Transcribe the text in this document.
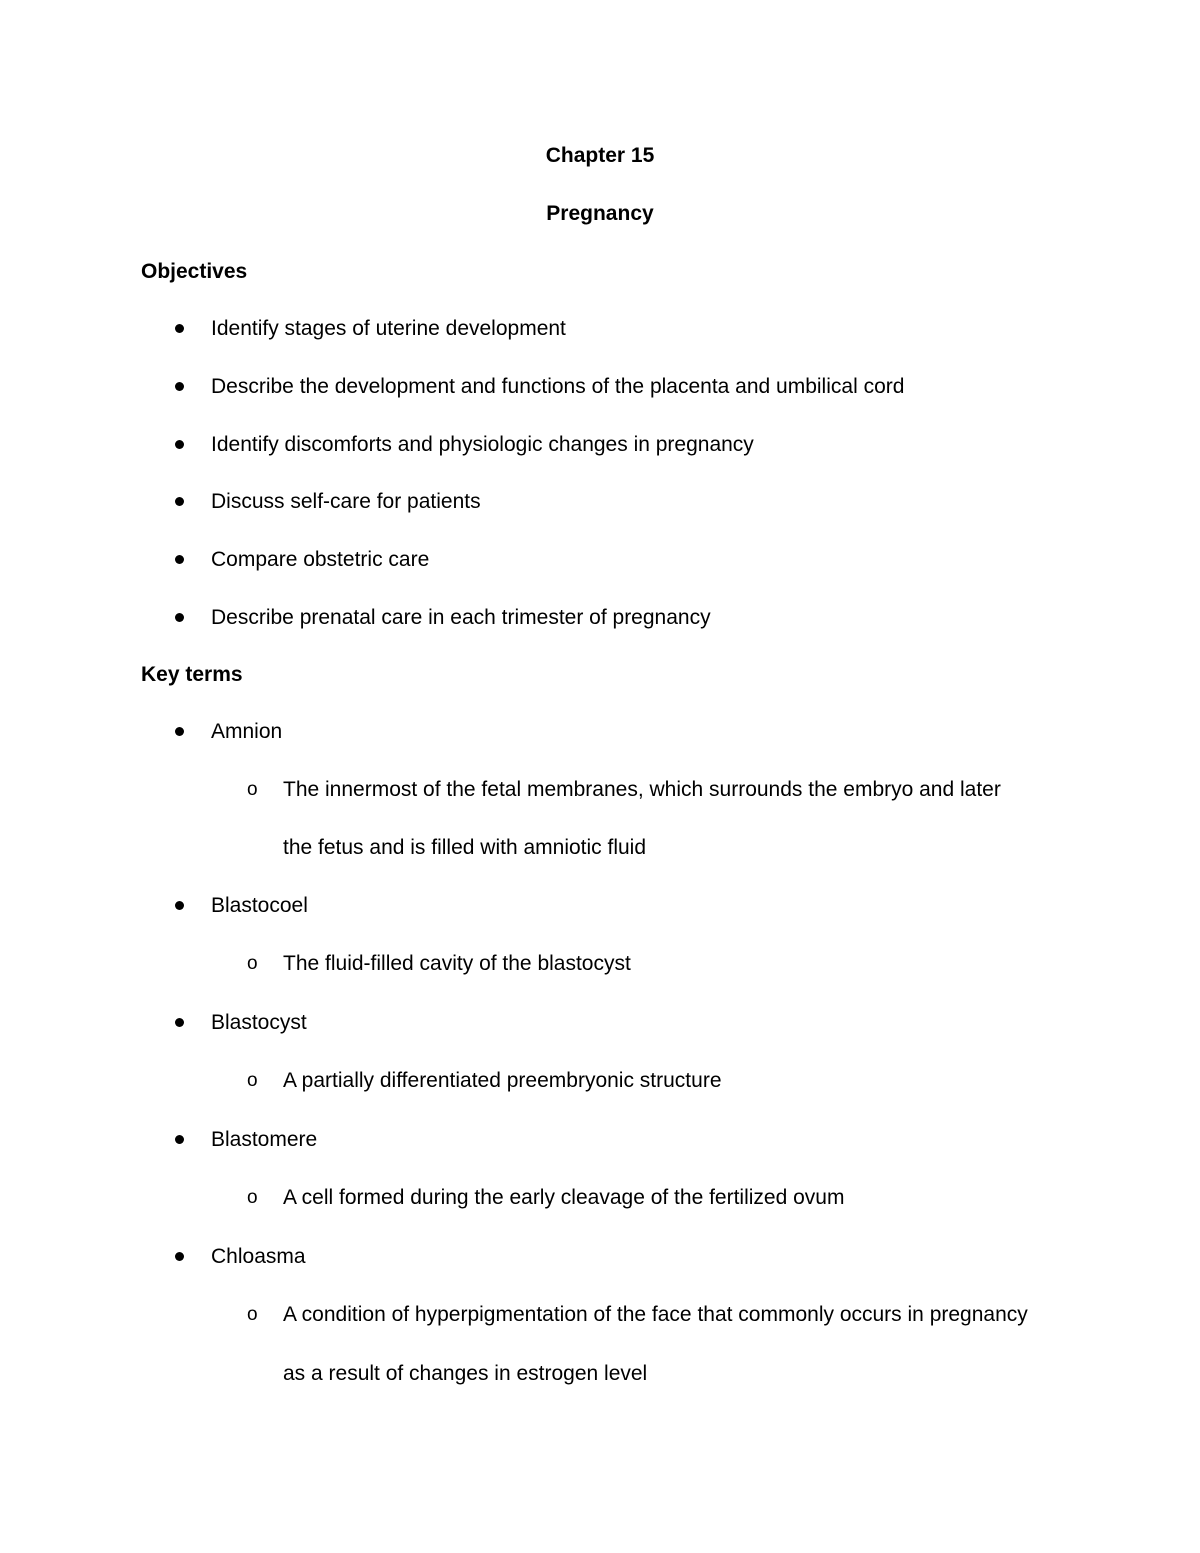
Chapter 15
Pregnancy
Objectives
Identify stages of uterine development
Describe the development and functions of the placenta and umbilical cord
Identify discomforts and physiologic changes in pregnancy
Discuss self-care for patients
Compare obstetric care
Describe prenatal care in each trimester of pregnancy
Key terms
Amnion
o The innermost of the fetal membranes, which surrounds the embryo and later
the fetus and is filled with amniotic fluid
Blastocoel
o The fluid-filled cavity of the blastocyst
Blastocyst
o A partially differentiated preembryonic structure
Blastomere
o A cell formed during the early cleavage of the fertilized ovum
Chloasma
o A condition of hyperpigmentation of the face that commonly occurs in pregnancy
as a result of changes in estrogen level
